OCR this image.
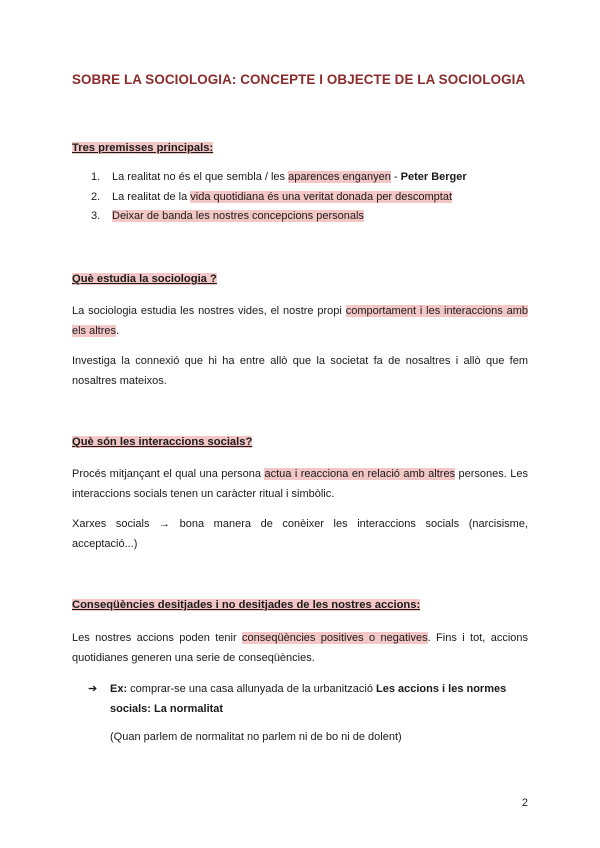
SOBRE LA SOCIOLOGIA: CONCEPTE I OBJECTE DE LA SOCIOLOGIA
Tres premisses principals:
1. La realitat no és el que sembla / les aparences enganyen - Peter Berger
2. La realitat de la vida quotidiana és una veritat donada per descomptat
3. Deixar de banda les nostres concepcions personals
Què estudia la sociologia ?
La sociologia estudia les nostres vides, el nostre propi comportament i les interaccions amb els altres.
Investiga la connexió que hi ha entre allò que la societat fa de nosaltres i allò que fem nosaltres mateixos.
Què són les interaccions socials?
Procés mitjançant el qual una persona actua i reacciona en relació amb altres persones. Les interaccions socials tenen un caràcter ritual i simbòlic.
Xarxes socials → bona manera de conèixer les interaccions socials (narcisisme, acceptació...)
Conseqüències desitjades i no desitjades de les nostres accions:
Les nostres accions poden tenir conseqüències positives o negatives. Fins i tot, accions quotidianes generen una serie de conseqüències.
➔	Ex: comprar-se una casa allunyada de la urbanització Les accions i les normes socials: La normalitat
(Quan parlem de normalitat no parlem ni de bo ni de dolent)
2
